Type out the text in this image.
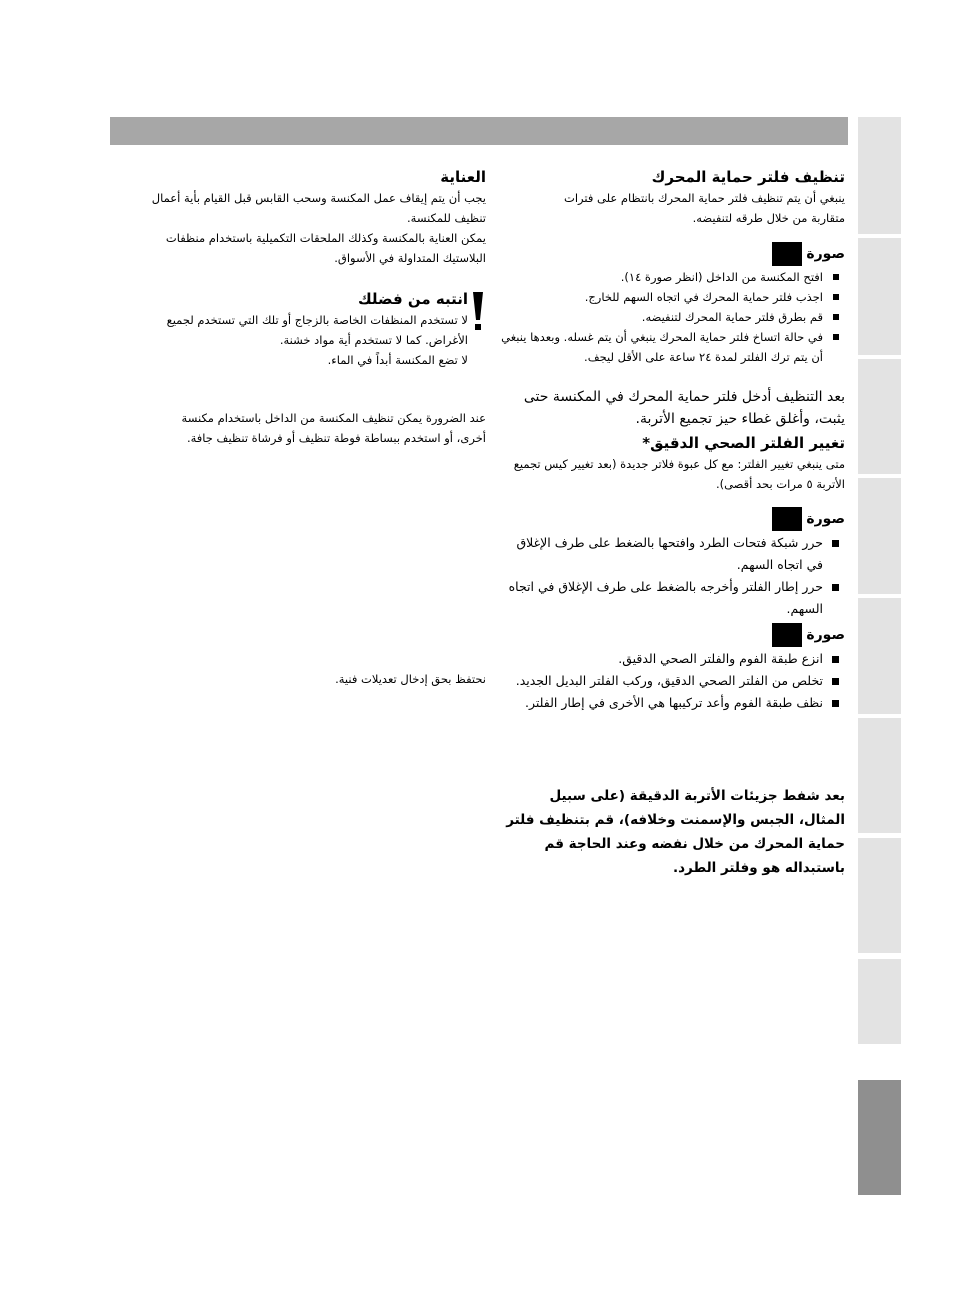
تنظيف فلتر حماية المحرك

ينبغي أن يتم تنظيف فلتر حماية المحرك بانتظام على فترات

متقاربة من خلال طرقه لتنفيضه.

صورة
افتح المكنسة من الداخل (انظر صورة ١٤).
اجذب فلتر حماية المحرك في اتجاه السهم للخارج.
قم بطرق فلتر حماية المحرك لتنفيضه.
في حالة اتساخ فلتر حماية المحرك ينبغي أن يتم غسله. وبعدها ينبغي أن يتم ترك الفلتر لمدة ٢٤ ساعة على الأقل ليجف.

بعد التنظيف أدخل فلتر حماية المحرك في المكنسة حتى يثبت، وأغلق غطاء حيز تجميع الأتربة.

تغيير الفلتر الصحي الدقيق*

متى ينبغي تغيير الفلتر: مع كل عبوة فلاتر جديدة (بعد تغيير كيس تجميع الأتربة ٥ مرات بحد أقصى).

صورة
حرر شبكة فتحات الطرد وافتحها بالضغط على طرف الإغلاق في اتجاه السهم.
حرر إطار الفلتر وأخرجه بالضغط على طرف الإغلاق في اتجاه السهم.
صورة
انزع طبقة الفوم والفلتر الصحي الدقيق.
تخلص من الفلتر الصحي الدقيق، وركب الفلتر البديل الجديد.
نظف طبقة الفوم وأعد تركيبها هي الأخرى في إطار الفلتر.

بعد شفط جزيئات الأتربة الدقيقة (على سبيل المثال، الجبس والإسمنت وخلافه)، قم بتنظيف فلتر حماية المحرك من خلال نفضه وعند الحاجة قم باستبداله هو وفلتر الطرد.

العناية

يجب أن يتم إيقاف عمل المكنسة وسحب القابس قبل القيام بأية أعمال تنظيف للمكنسة.

يمكن العناية بالمكنسة وكذلك الملحقات التكميلية باستخدام منظفات البلاستيك المتداولة في الأسواق.

انتبه من فضلك

لا تستخدم المنظفات الخاصة بالزجاج أو تلك التي تستخدم لجميع الأغراض. كما لا تستخدم أية مواد خشنة.

لا تضع المكنسة أبداً في الماء.

عند الضرورة يمكن تنظيف المكنسة من الداخل باستخدام مكنسة أخرى، أو استخدم ببساطة فوطة تنظيف أو فرشاة تنظيف جافة.

نحتفظ بحق إدخال تعديلات فنية.
